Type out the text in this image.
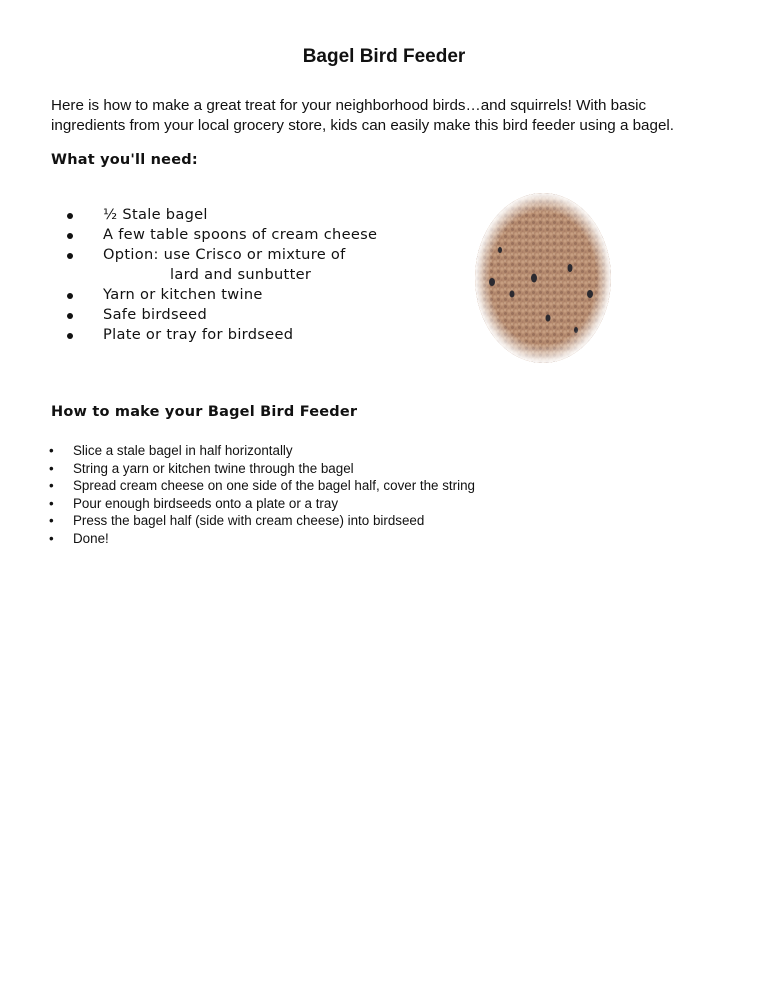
Bagel Bird Feeder

Here is how to make a great treat for your neighborhood birds…and squirrels! With basic

ingredients from your local grocery store, kids can easily make this bird feeder using a bagel.

What you'll need:
½ Stale bagel
A few table spoons of cream cheese
Option: use Crisco or mixture of
lard and sunbutter
Yarn or kitchen twine
Safe birdseed
Plate or tray for birdseed
How to make your Bagel Bird Feeder
• Slice a stale bagel in half horizontally
• String a yarn or kitchen twine through the bagel
• Spread cream cheese on one side of the bagel half, cover the string
• Pour enough birdseeds onto a plate or a tray
• Press the bagel half (side with cream cheese) into birdseed
• Done!
